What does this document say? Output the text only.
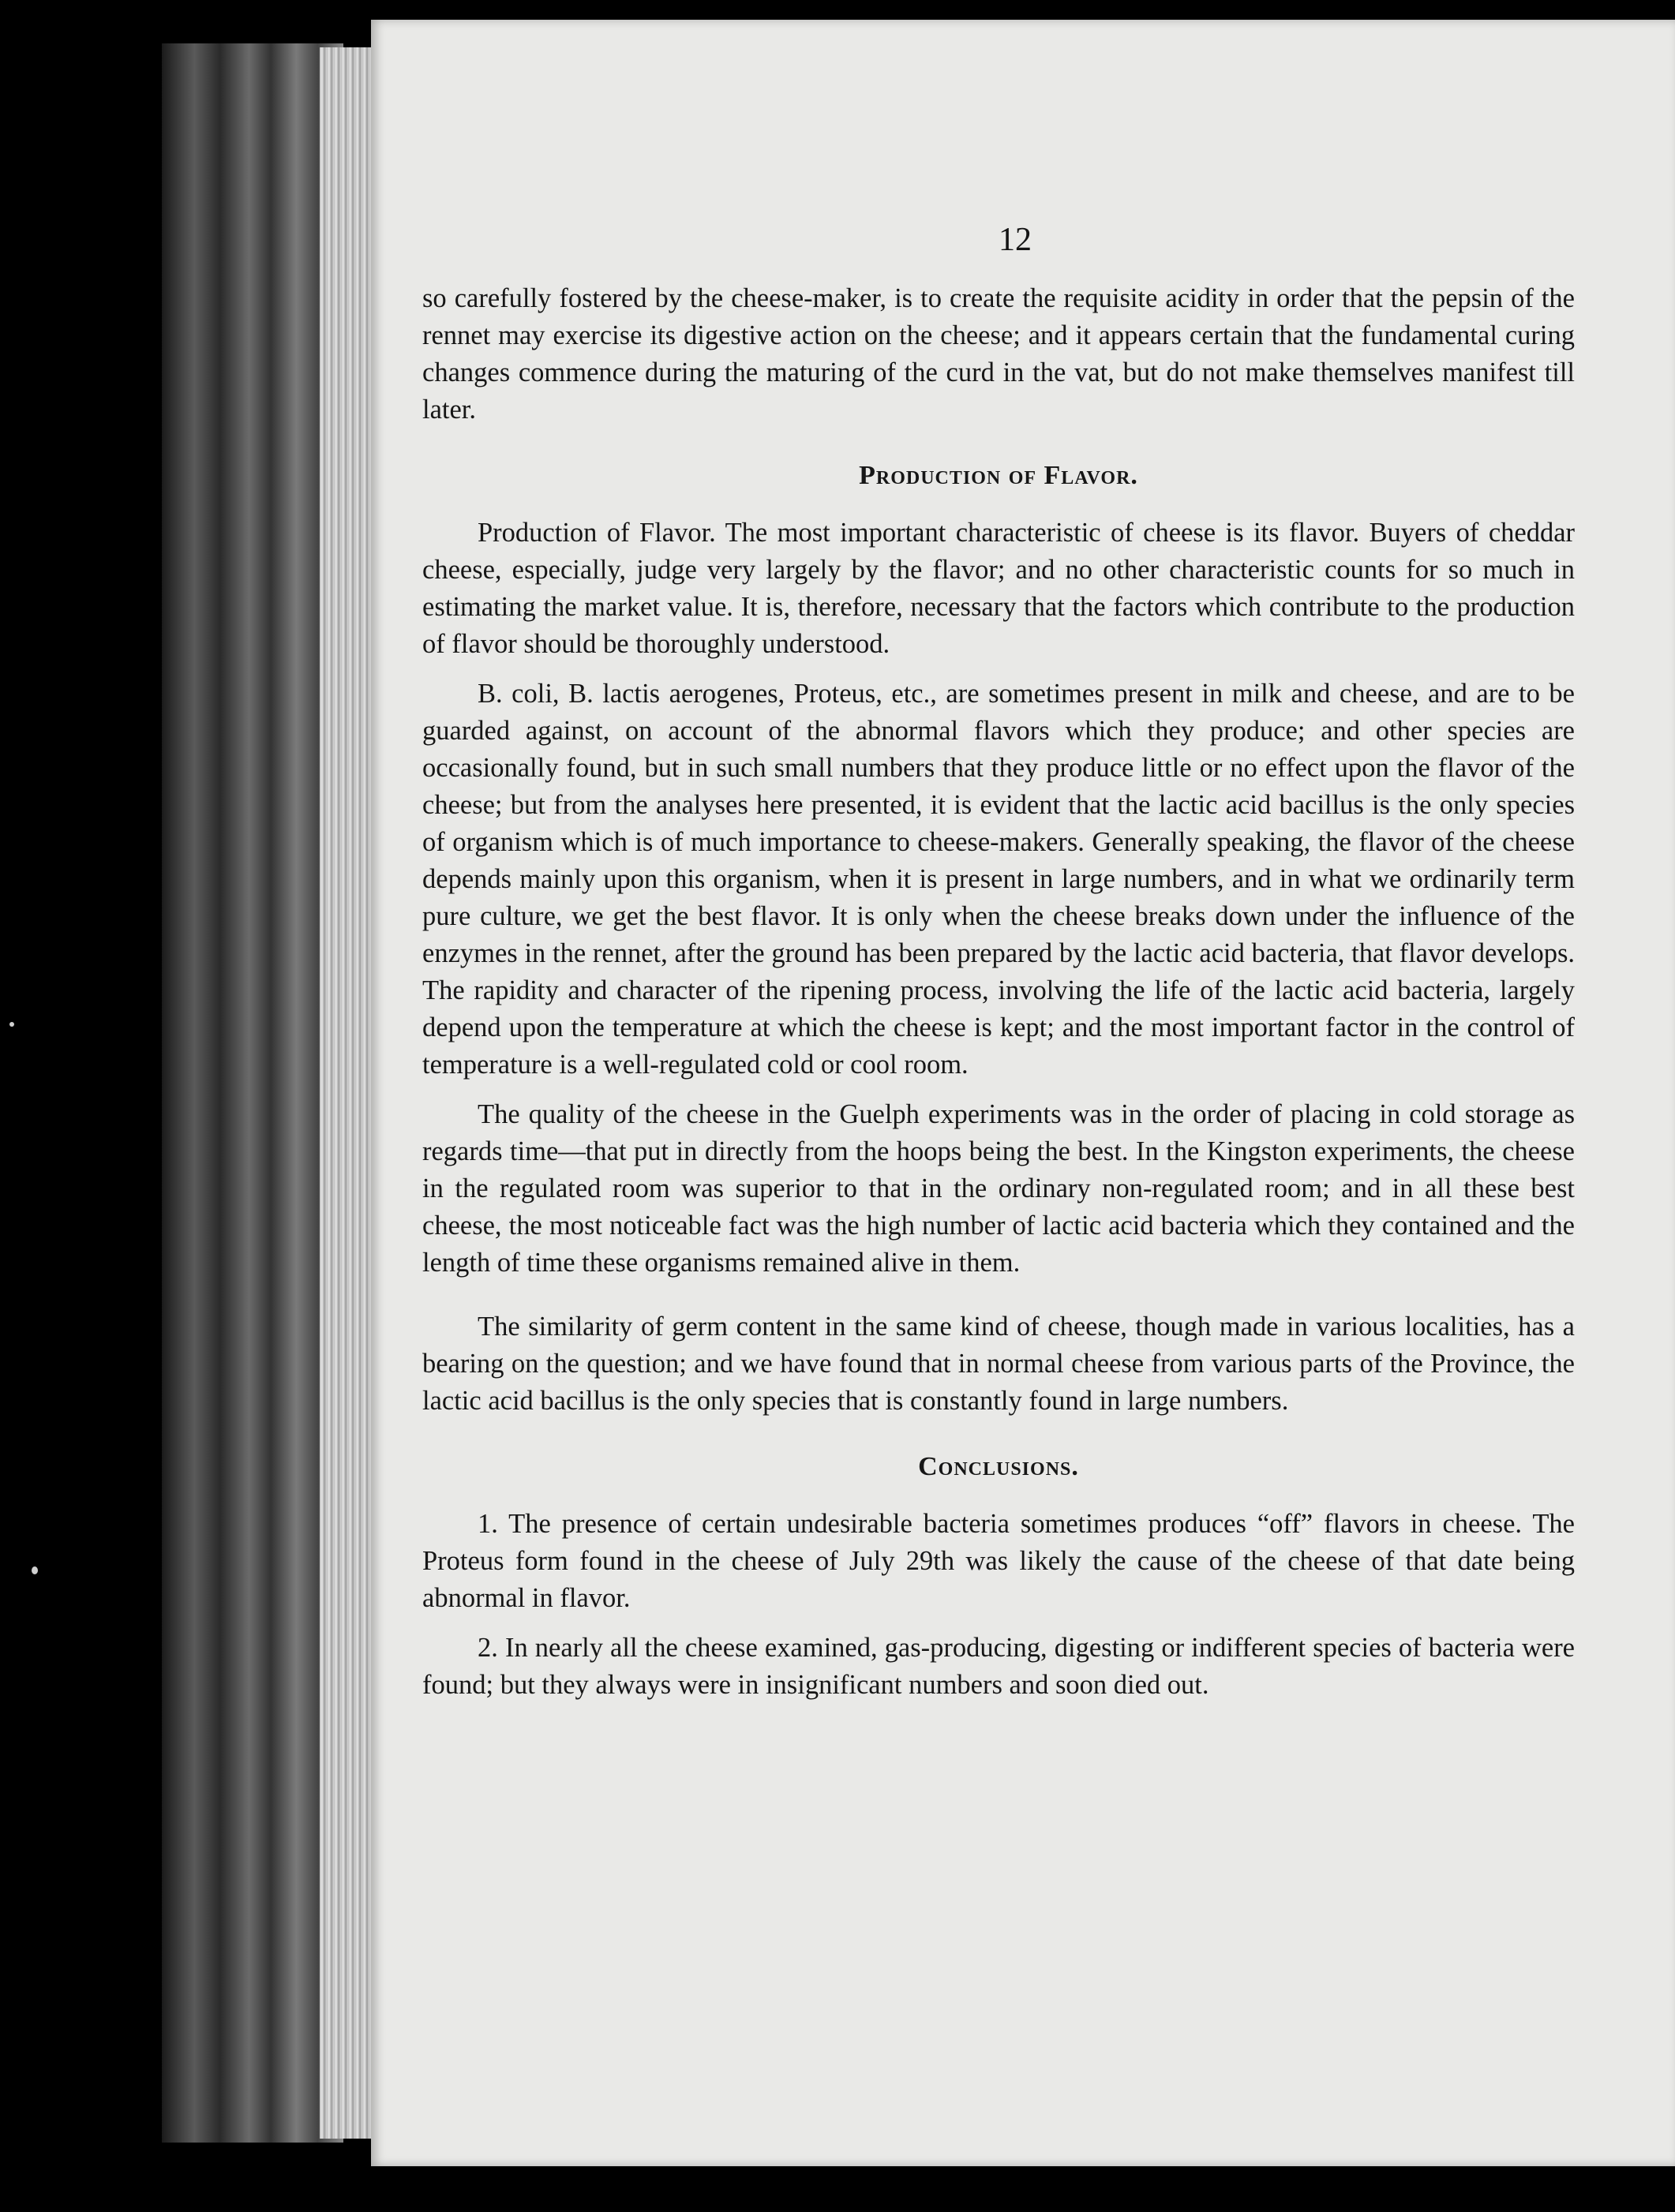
12

so carefully fostered by the cheese-maker, is to create the requisite acidity in order that the pepsin of the rennet may exercise its digestive action on the cheese; and it appears certain that the fundamental curing changes commence during the maturing of the curd in the vat, but do not make themselves manifest till later.

Production of Flavor.

Production of Flavor. The most important characteristic of cheese is its flavor. Buyers of cheddar cheese, especially, judge very largely by the flavor; and no other characteristic counts for so much in estimating the market value. It is, therefore, necessary that the factors which contribute to the production of flavor should be thoroughly understood.

B. coli, B. lactis aerogenes, Proteus, etc., are sometimes present in milk and cheese, and are to be guarded against, on account of the abnormal flavors which they produce; and other species are occasionally found, but in such small numbers that they produce little or no effect upon the flavor of the cheese; but from the analyses here presented, it is evident that the lactic acid bacillus is the only species of organism which is of much importance to cheese-makers. Generally speaking, the flavor of the cheese depends mainly upon this organism, when it is present in large numbers, and in what we ordinarily term pure culture, we get the best flavor. It is only when the cheese breaks down under the influence of the enzymes in the rennet, after the ground has been prepared by the lactic acid bacteria, that flavor develops. The rapidity and character of the ripening process, involving the life of the lactic acid bacteria, largely depend upon the temperature at which the cheese is kept; and the most important factor in the control of temperature is a well-regulated cold or cool room.

The quality of the cheese in the Guelph experiments was in the order of placing in cold storage as regards time—that put in directly from the hoops being the best. In the Kingston experiments, the cheese in the regulated room was superior to that in the ordinary non-regulated room; and in all these best cheese, the most noticeable fact was the high number of lactic acid bacteria which they contained and the length of time these organisms remained alive in them.

The similarity of germ content in the same kind of cheese, though made in various localities, has a bearing on the question; and we have found that in normal cheese from various parts of the Province, the lactic acid bacillus is the only species that is constantly found in large numbers.

Conclusions.

1. The presence of certain undesirable bacteria sometimes produces “off” flavors in cheese. The Proteus form found in the cheese of July 29th was likely the cause of the cheese of that date being abnormal in flavor.

2. In nearly all the cheese examined, gas-producing, digesting or indifferent species of bacteria were found; but they always were in insignificant numbers and soon died out.
